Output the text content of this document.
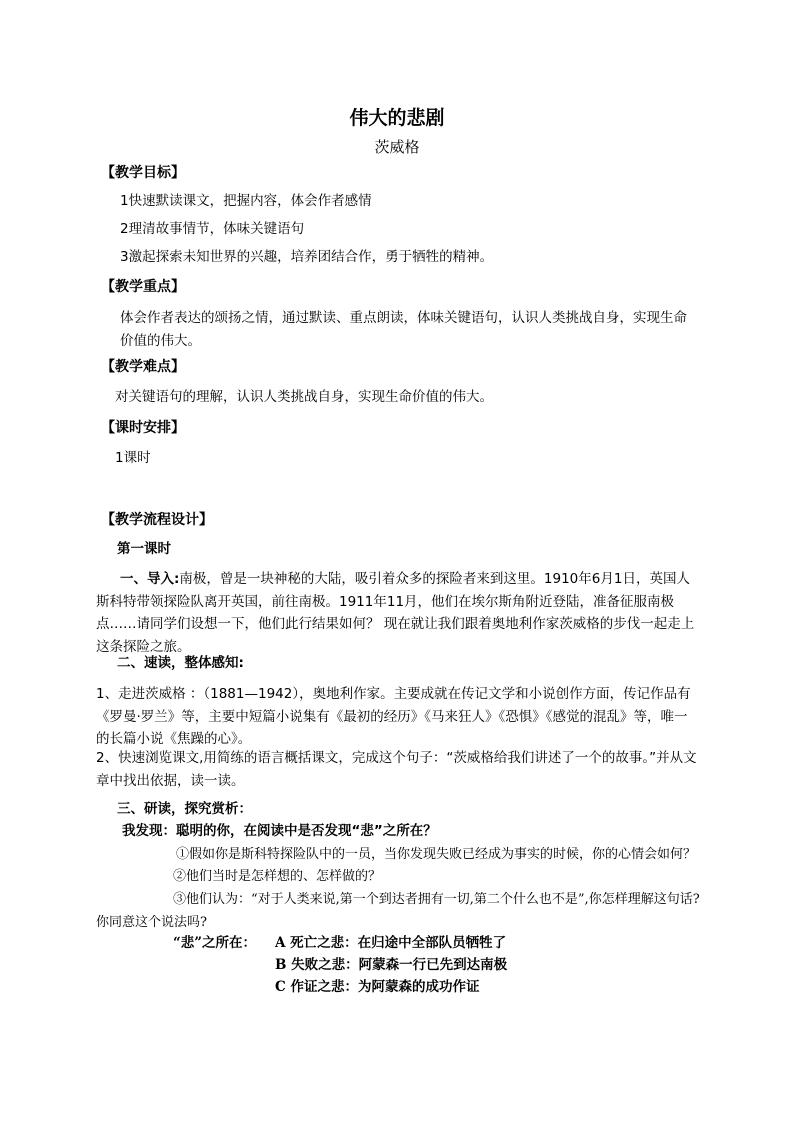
伟大的悲剧
茨威格
【教学目标】
1快速默读课文，把握内容，体会作者感情
2理清故事情节，体味关键语句
3激起探索未知世界的兴趣，培养团结合作，勇于牺牲的精神。
【教学重点】
体会作者表达的颂扬之情，通过默读、重点朗读，体味关键语句，认识人类挑战自身，实现生命价值的伟大。
【教学难点】
对关键语句的理解，认识人类挑战自身，实现生命价值的伟大。
【课时安排】
1课时
【教学流程设计】
第一课时
一、导入:南极，曾是一块神秘的大陆，吸引着众多的探险者来到这里。1910年6月1日，英国人斯科特带领探险队离开英国，前往南极。1911年11月，他们在埃尔斯角附近登陆，准备征服南极点……请同学们设想一下，他们此行结果如何？ 现在就让我们跟着奥地利作家茨威格的步伐一起走上这条探险之旅。
二、速读，整体感知:
1、走进茨威格 ：（1881—1942），奥地利作家。主要成就在传记文学和小说创作方面，传记作品有《罗曼·罗兰》等，主要中短篇小说集有《最初的经历》《马来狂人》《恐惧》《感觉的混乱》等，唯一的长篇小说《焦躁的心》。
2、快速浏览课文,用简练的语言概括课文，完成这个句子：“茨威格给我们讲述了一个的故事。”并从文章中找出依据，读一读。
三、研读，探究赏析：
我发现：聪明的你，在阅读中是否发现“悲”之所在？
①假如你是斯科特探险队中的一员，当你发现失败已经成为事实的时候，你的心情会如何？
②他们当时是怎样想的、怎样做的？
③他们认为：“对于人类来说,第一个到达者拥有一切,第二个什么也不是”,你怎样理解这句话?你同意这个说法吗?
“悲”之所在： A 死亡之悲：在归途中全部队员牺牲了
B 失败之悲：阿蒙森一行已先到达南极
C 作证之悲：为阿蒙森的成功作证
